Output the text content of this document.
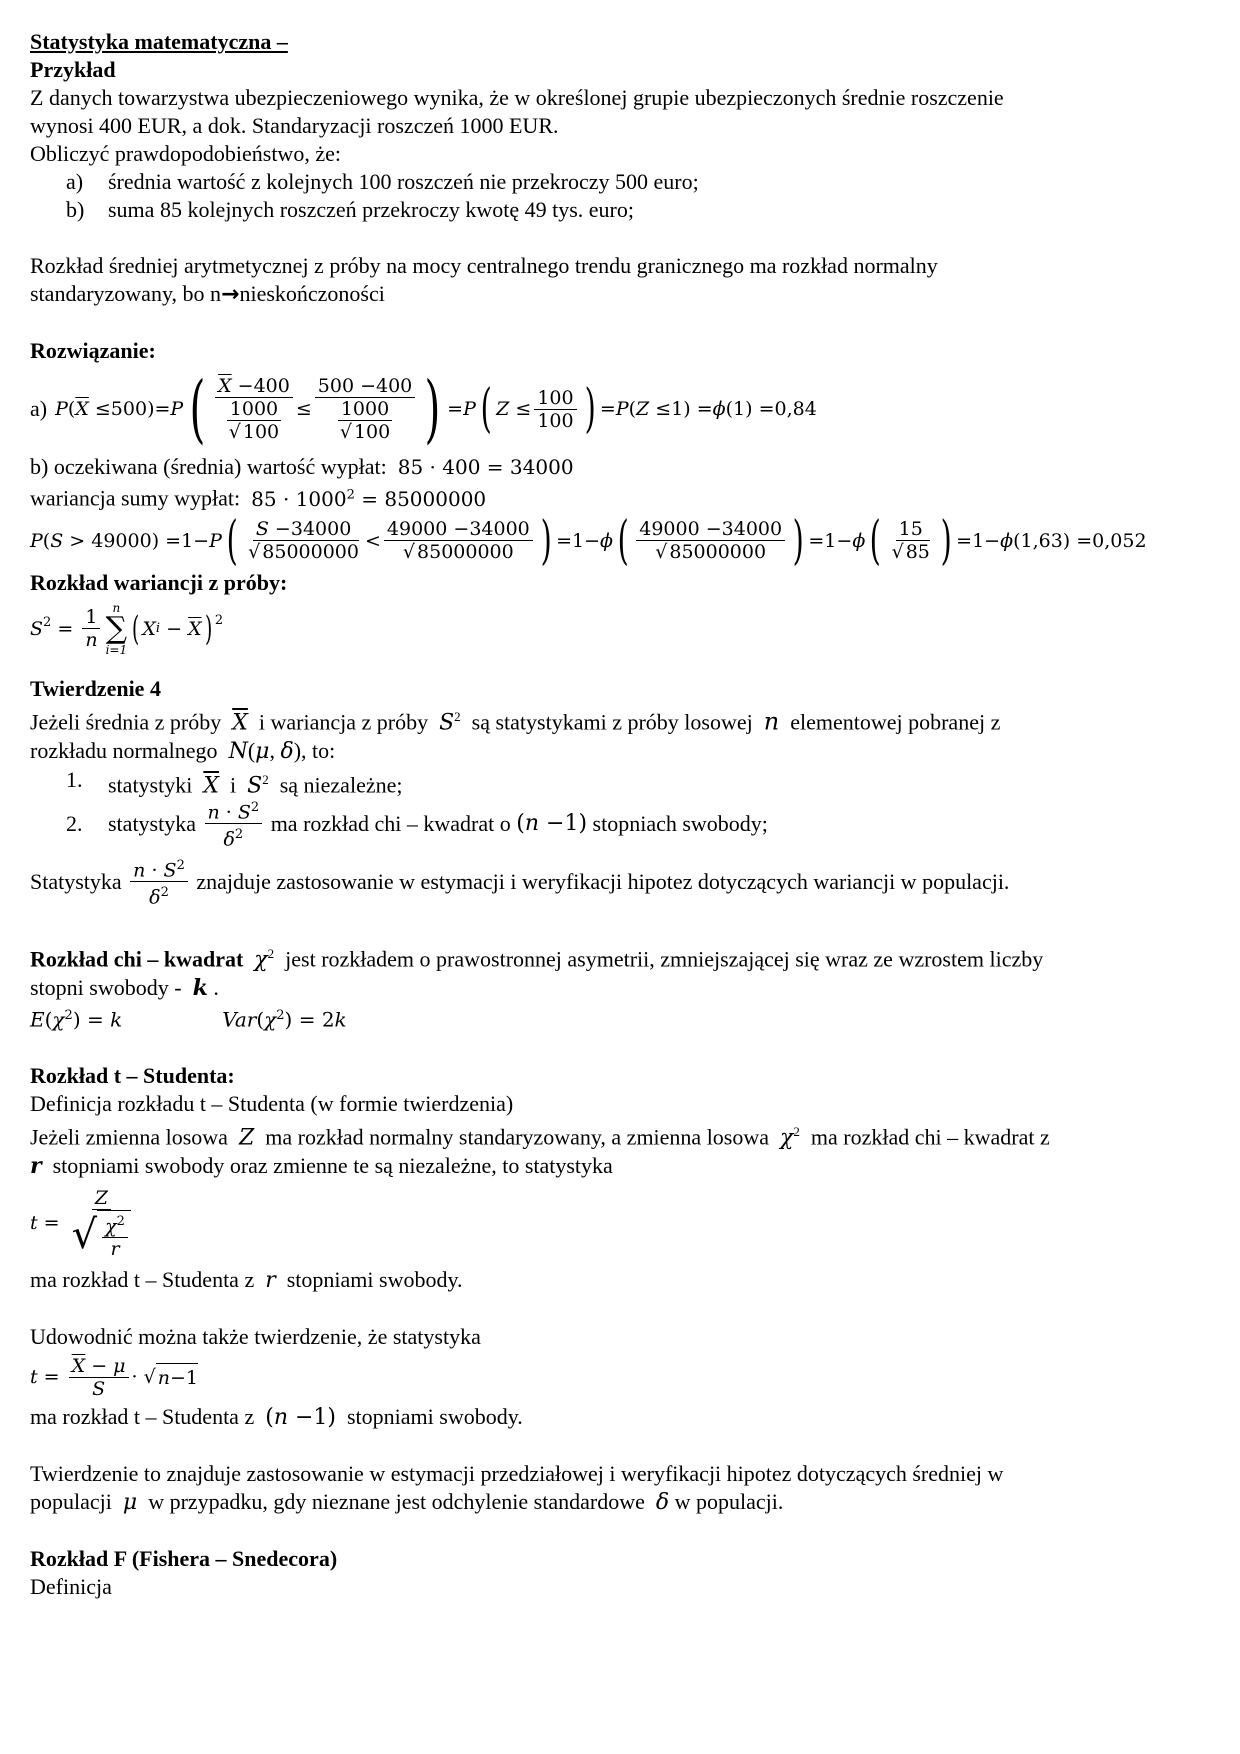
Statystyka matematyczna –
Przykład
Z danych towarzystwa ubezpieczeniowego wynika, że w określonej grupie ubezpieczonych średnie roszczenie
wynosi 400 EUR, a dok. Standaryzacji roszczeń 1000 EUR.
Obliczyć prawdopodobieństwo, że:
a) średnia wartość z kolejnych 100 roszczeń nie przekroczy 500 euro;
b) suma 85 kolejnych roszczeń przekroczy kwotę 49 tys. euro;
Rozkład średniej arytmetycznej z próby na mocy centralnego trendu granicznego ma rozkład normalny
standaryzowany, bo n→nieskończoności
Rozwiązanie:
a) P ( $\overline{X} \le 500)= P$ ( $\frac{\overline{X} -400}{\frac{1000}{√ 100}} \le \frac{500 -400}{\frac{1000}{√ 100}}$ ) = P ( $Z \le \frac{100}{100}$ ) = P ( Z ≤1) = ϕ (1) =0,84
b) oczekiwana (średnia) wartość wypłat: 85 · 400 = 34000
wariancja sumy wypłat: $85 \cdot 1000^2 = 85000000$
P ( S > 49000) =1− P ( $\frac{S -34000}{√ 85000000} < \frac{49000 -34000}{√ 85000000}$ ) =1− ϕ ( $\frac{49000 -34000}{√ 85000000}$ ) =1− ϕ ( $\frac{15}{√ 85}$ ) =1− ϕ (1,63) =0,052
Rozkład wariancji z próby:
$S^2 = \frac{1}{n}$ n
∑
i=1
( X $i - \overline{X}$ )$^2$
Twierdzenie 4
Jeżeli średnia z próby $\overline{X}$ i wariancja z próby $S^2$ są statystykami z próby losowej n elementowej pobranej z
rozkładu normalnego N(μ, δ), to:
1. statystyki $\overline{X}$ i $S^2$ są niezależne;
2. statystyka
$\frac{n \cdot S^2}{\delta^2}$
ma rozkład chi – kwadrat o
(n −1)
stopniach swobody;
Statystyka
$\frac{n \cdot S^2}{\delta^2}$
znajduje zastosowanie w estymacji i weryfikacji hipotez dotyczących wariancji w populacji.
Rozkład chi – kwadrat $\chi^2$ jest rozkładem o prawostronnej asymetrii, zmniejszającej się wraz ze wzrostem liczby
stopni swobody - k .
$E(\chi^2) = k$	$Var(\chi^2) = 2k$
Rozkład t – Studenta:
Definicja rozkładu t – Studenta (w formie twierdzenia)
Jeżeli zmienna losowa Z ma rozkład normalny standaryzowany, a zmienna losowa $\chi^2$ ma rozkład chi – kwadrat z
r stopniami swobody oraz zmienne te są niezależne, to statystyka
$t = \frac{Z}{√ \frac{\chi^2}{r}}$
ma rozkład t – Studenta z r stopniami swobody.
Udowodnić można także twierdzenie, że statystyka
$t = \frac{\overline{X} - \mu}{S}$ · √ n−1
ma rozkład t – Studenta z (n −1) stopniami swobody.
Twierdzenie to znajduje zastosowanie w estymacji przedziałowej i weryfikacji hipotez dotyczących średniej w
populacji μ w przypadku, gdy nieznane jest odchylenie standardowe δ w populacji.
Rozkład F (Fishera – Snedecora)
Definicja
